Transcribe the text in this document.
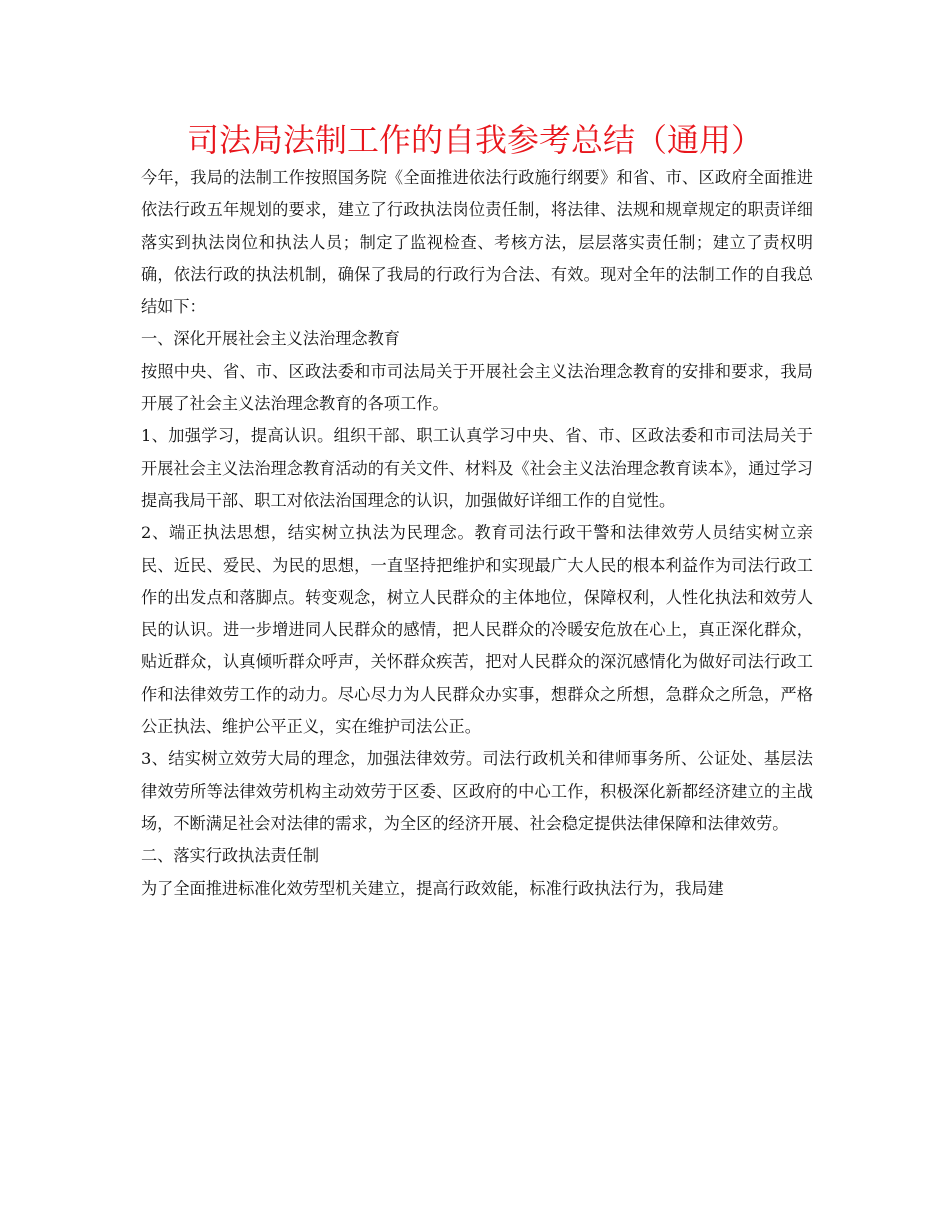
司法局法制工作的自我参考总结（通用）

今年，我局的法制工作按照国务院《全面推进依法行政施行纲要》和省、市、区政府全面推进依法行政五年规划的要求，建立了行政执法岗位责任制，将法律、法规和规章规定的职责详细落实到执法岗位和执法人员；制定了监视检查、考核方法，层层落实责任制；建立了责权明确，依法行政的执法机制，确保了我局的行政行为合法、有效。现对全年的法制工作的自我总结如下：

一、深化开展社会主义法治理念教育

按照中央、省、市、区政法委和市司法局关于开展社会主义法治理念教育的安排和要求，我局开展了社会主义法治理念教育的各项工作。

1、加强学习，提高认识。组织干部、职工认真学习中央、省、市、区政法委和市司法局关于开展社会主义法治理念教育活动的有关文件、材料及《社会主义法治理念教育读本》，通过学习提高我局干部、职工对依法治国理念的认识，加强做好详细工作的自觉性。

2、端正执法思想，结实树立执法为民理念。教育司法行政干警和法律效劳人员结实树立亲民、近民、爱民、为民的思想，一直坚持把维护和实现最广大人民的根本利益作为司法行政工作的出发点和落脚点。转变观念，树立人民群众的主体地位，保障权利，人性化执法和效劳人民的认识。进一步增进同人民群众的感情，把人民群众的冷暖安危放在心上，真正深化群众，贴近群众，认真倾听群众呼声，关怀群众疾苦，把对人民群众的深沉感情化为做好司法行政工作和法律效劳工作的动力。尽心尽力为人民群众办实事，想群众之所想，急群众之所急，严格公正执法、维护公平正义，实在维护司法公正。

3、结实树立效劳大局的理念，加强法律效劳。司法行政机关和律师事务所、公证处、基层法律效劳所等法律效劳机构主动效劳于区委、区政府的中心工作，积极深化新都经济建立的主战场，不断满足社会对法律的需求，为全区的经济开展、社会稳定提供法律保障和法律效劳。

二、落实行政执法责任制

为了全面推进标准化效劳型机关建立，提高行政效能，标准行政执法行为，我局建
